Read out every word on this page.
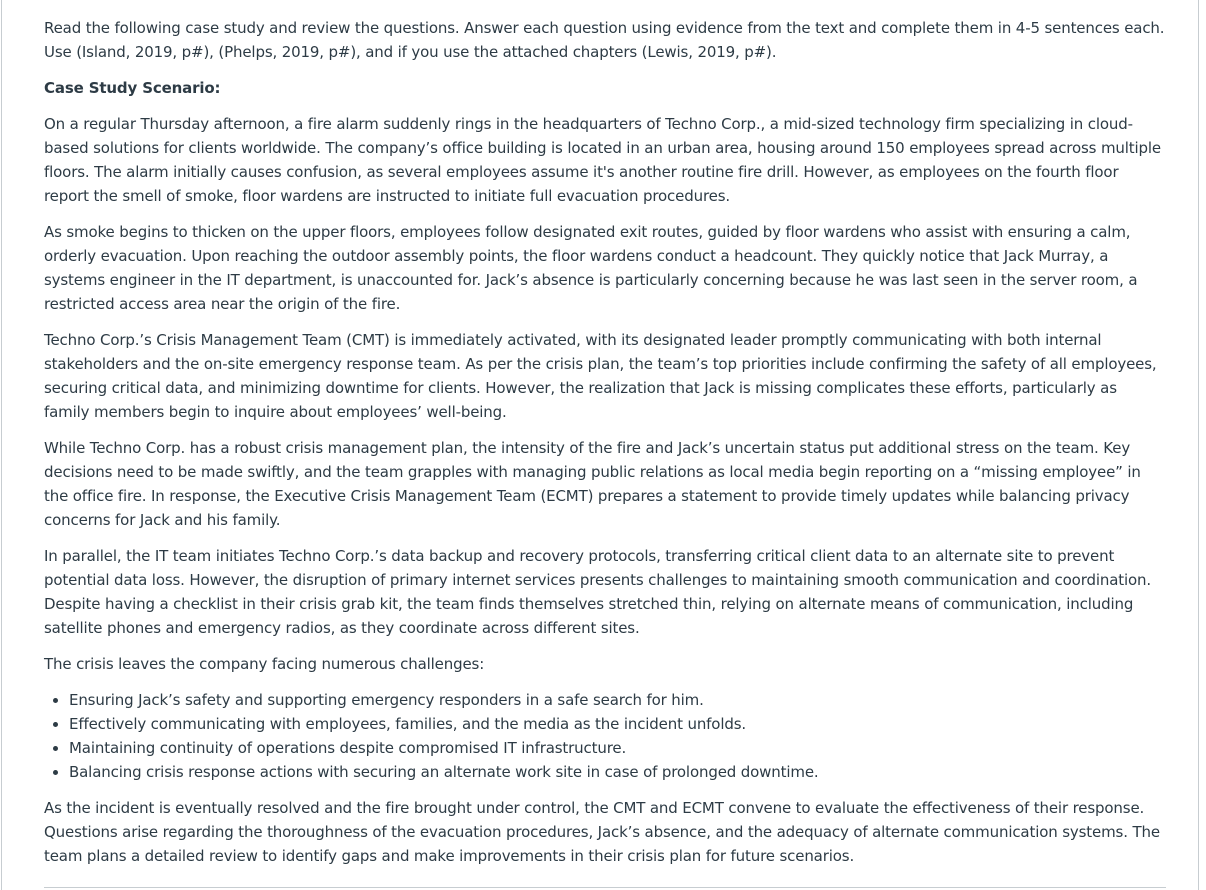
Read the following case study and review the questions. Answer each question using evidence from the text and complete them in 4-5 sentences each. Use (Island, 2019, p#), (Phelps, 2019, p#), and if you use the attached chapters (Lewis, 2019, p#).

Case Study Scenario:

On a regular Thursday afternoon, a fire alarm suddenly rings in the headquarters of Techno Corp., a mid-sized technology firm specializing in cloud-based solutions for clients worldwide. The company’s office building is located in an urban area, housing around 150 employees spread across multiple floors. The alarm initially causes confusion, as several employees assume it's another routine fire drill. However, as employees on the fourth floor report the smell of smoke, floor wardens are instructed to initiate full evacuation procedures.

As smoke begins to thicken on the upper floors, employees follow designated exit routes, guided by floor wardens who assist with ensuring a calm, orderly evacuation. Upon reaching the outdoor assembly points, the floor wardens conduct a headcount. They quickly notice that Jack Murray, a systems engineer in the IT department, is unaccounted for. Jack’s absence is particularly concerning because he was last seen in the server room, a restricted access area near the origin of the fire.

Techno Corp.’s Crisis Management Team (CMT) is immediately activated, with its designated leader promptly communicating with both internal stakeholders and the on-site emergency response team. As per the crisis plan, the team’s top priorities include confirming the safety of all employees, securing critical data, and minimizing downtime for clients. However, the realization that Jack is missing complicates these efforts, particularly as family members begin to inquire about employees’ well-being.

While Techno Corp. has a robust crisis management plan, the intensity of the fire and Jack’s uncertain status put additional stress on the team. Key decisions need to be made swiftly, and the team grapples with managing public relations as local media begin reporting on a “missing employee” in the office fire. In response, the Executive Crisis Management Team (ECMT) prepares a statement to provide timely updates while balancing privacy concerns for Jack and his family.

In parallel, the IT team initiates Techno Corp.’s data backup and recovery protocols, transferring critical client data to an alternate site to prevent potential data loss. However, the disruption of primary internet services presents challenges to maintaining smooth communication and coordination. Despite having a checklist in their crisis grab kit, the team finds themselves stretched thin, relying on alternate means of communication, including satellite phones and emergency radios, as they coordinate across different sites.

The crisis leaves the company facing numerous challenges:

• Ensuring Jack’s safety and supporting emergency responders in a safe search for him.
• Effectively communicating with employees, families, and the media as the incident unfolds.
• Maintaining continuity of operations despite compromised IT infrastructure.
• Balancing crisis response actions with securing an alternate work site in case of prolonged downtime.

As the incident is eventually resolved and the fire brought under control, the CMT and ECMT convene to evaluate the effectiveness of their response. Questions arise regarding the thoroughness of the evacuation procedures, Jack’s absence, and the adequacy of alternate communication systems. The team plans a detailed review to identify gaps and make improvements in their crisis plan for future scenarios.
